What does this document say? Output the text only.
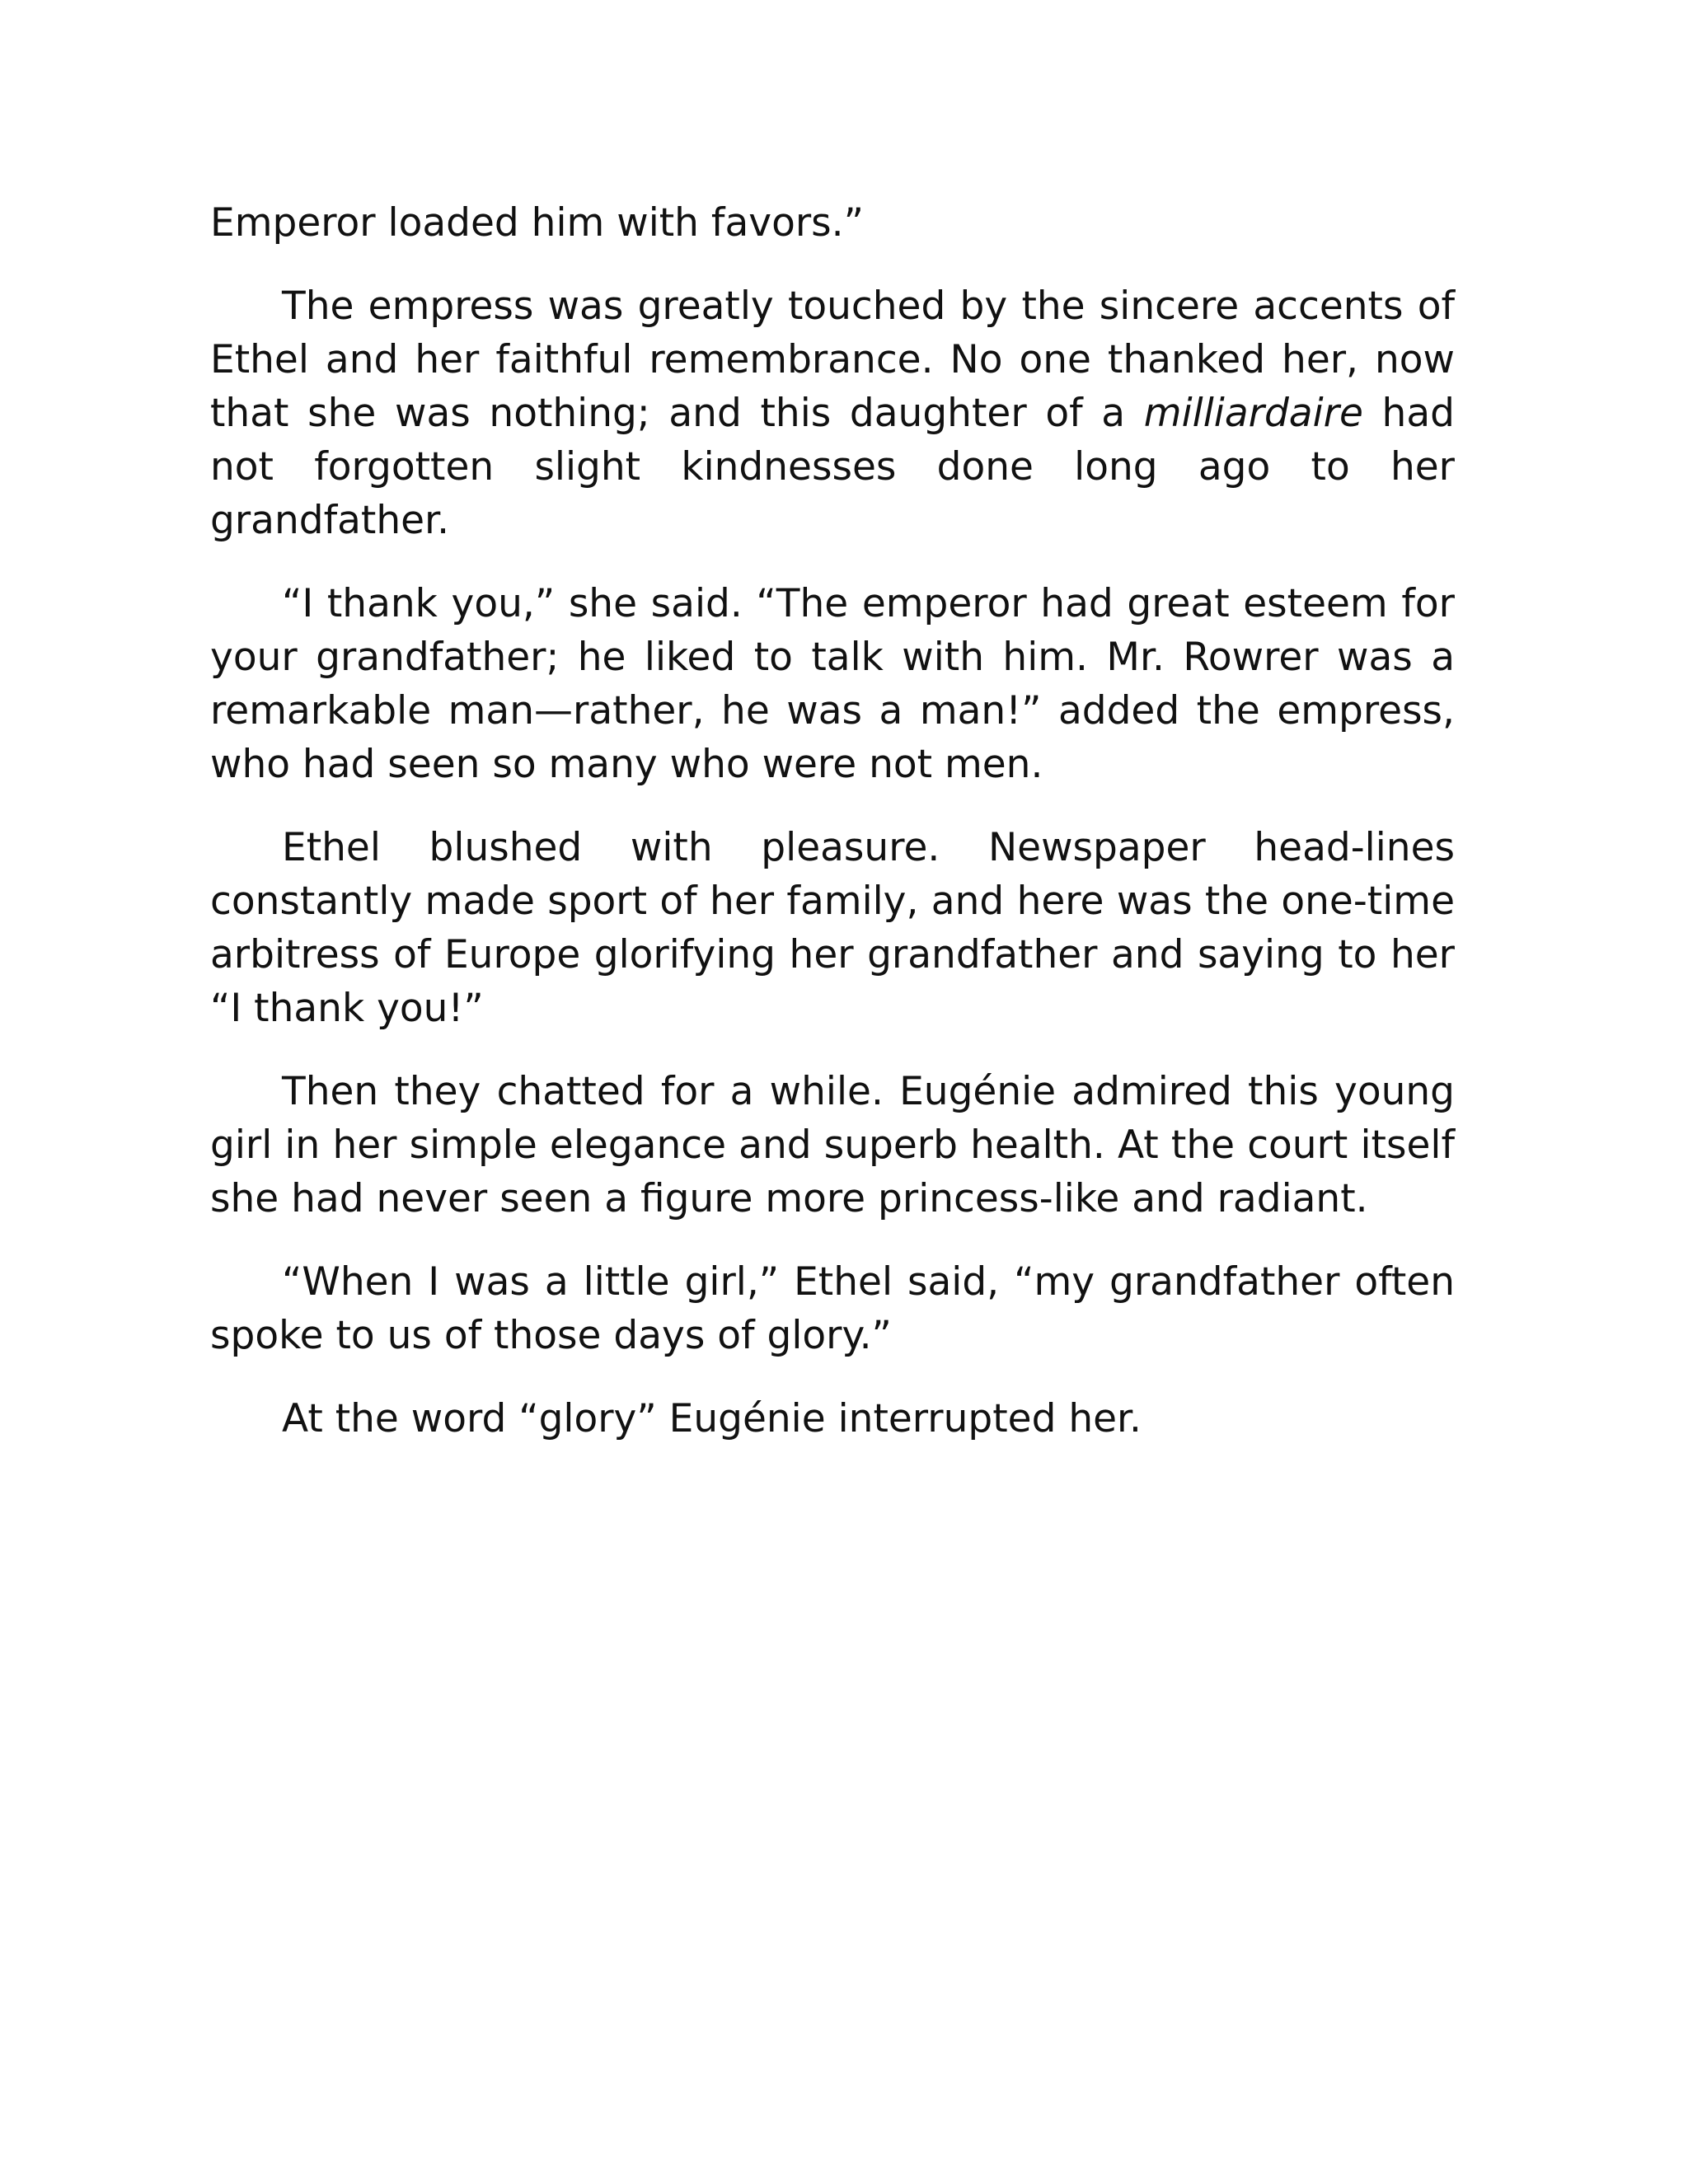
Emperor loaded him with favors.”

The empress was greatly touched by the sincere accents of Ethel and her faithful remembrance. No one thanked her, now that she was nothing; and this daughter of a milliardaire had not forgotten slight kindnesses done long ago to her grandfather.

“I thank you,” she said. “The emperor had great esteem for your grandfather; he liked to talk with him. Mr. Rowrer was a remarkable man—rather, he was a man!” added the empress, who had seen so many who were not men.

Ethel blushed with pleasure. Newspaper head-lines constantly made sport of her family, and here was the one-time arbitress of Europe glorifying her grandfather and saying to her “I thank you!”

Then they chatted for a while. Eugénie admired this young girl in her simple elegance and superb health. At the court itself she had never seen a figure more princess-like and radiant.

“When I was a little girl,” Ethel said, “my grandfather often spoke to us of those days of glory.”

At the word “glory” Eugénie interrupted her.
